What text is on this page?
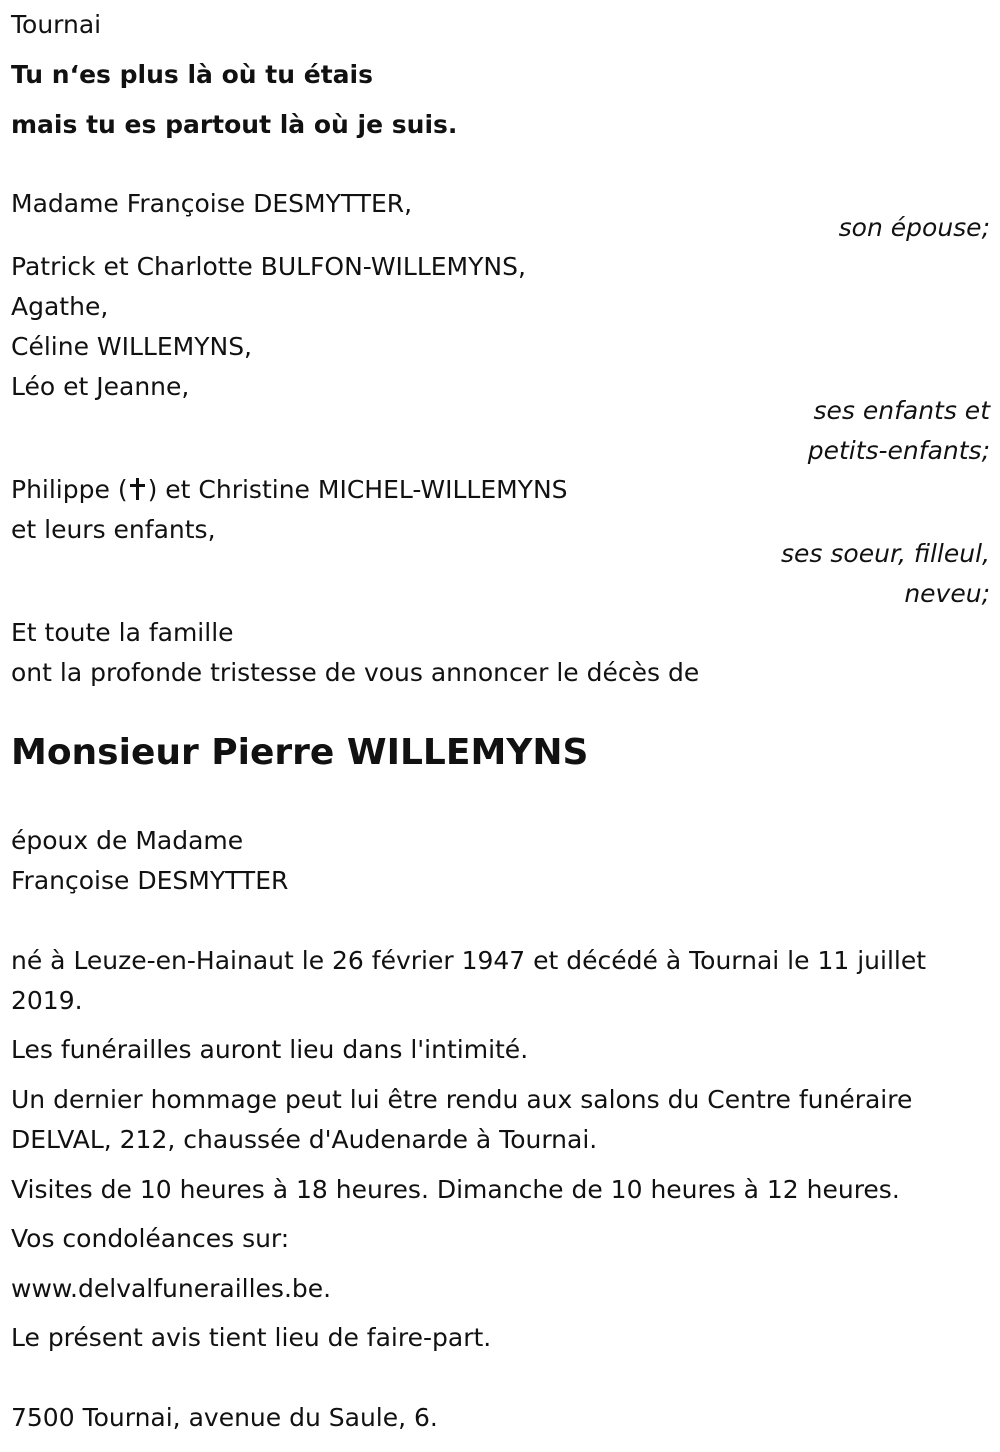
Tournai
Tu n‘es plus là où tu étais
mais tu es partout là où je suis.
Madame Françoise DESMYTTER,
son épouse;
Patrick et Charlotte BULFON-WILLEMYNS,
Agathe,
Céline WILLEMYNS,
Léo et Jeanne,
ses enfants et
petits-enfants;
Philippe ( ) et Christine MICHEL-WILLEMYNS
et leurs enfants,
ses soeur, filleul,
neveu;
Et toute la famille
ont la profonde tristesse de vous annoncer le décès de
Monsieur Pierre WILLEMYNS
époux de Madame
Françoise DESMYTTER
né à Leuze-en-Hainaut le 26 février 1947 et décédé à Tournai le 11 juillet
2019.
Les funérailles auront lieu dans l'intimité.
Un dernier hommage peut lui être rendu aux salons du Centre funéraire
DELVAL, 212, chaussée d'Audenarde à Tournai.
Visites de 10 heures à 18 heures. Dimanche de 10 heures à 12 heures.
Vos condoléances sur:
www.delvalfunerailles.be.
Le présent avis tient lieu de faire-part.
7500 Tournai, avenue du Saule, 6.
